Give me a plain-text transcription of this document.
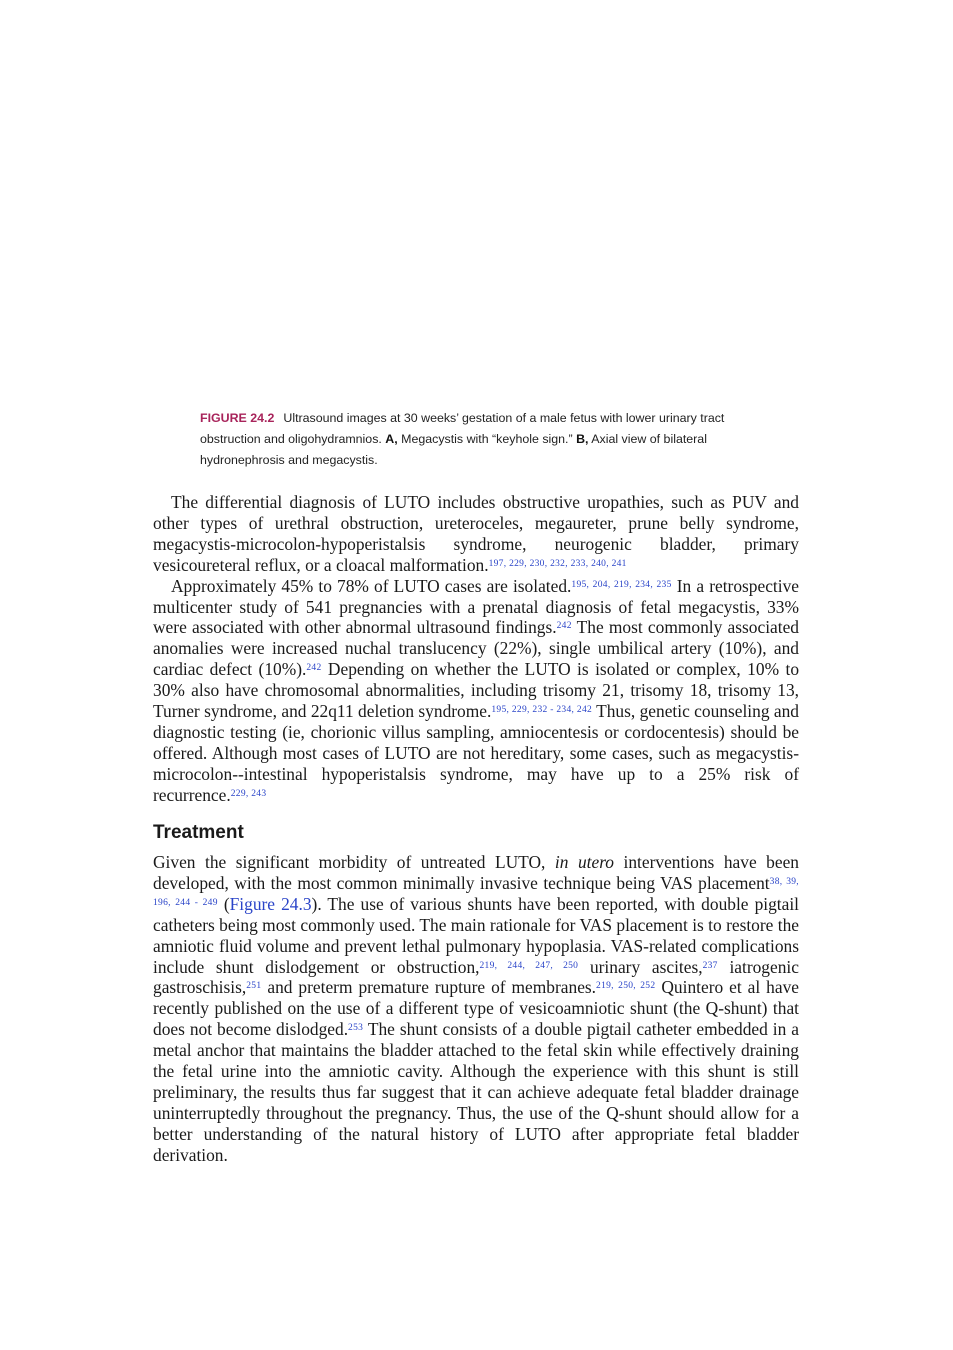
FIGURE 24.2 Ultrasound images at 30 weeks’ gestation of a male fetus with lower urinary tract obstruction and oligohydramnios. A, Megacystis with “keyhole sign.” B, Axial view of bilateral hydronephrosis and megacystis.

The differential diagnosis of LUTO includes obstructive uropathies, such as PUV and other types of urethral obstruction, ureteroceles, megaureter, prune belly syndrome, megacystis-microcolon-hypoperistalsis syndrome, neurogenic bladder, primary vesicoureteral reflux, or a cloacal malformation.$^{197, 229, 230, 232, 233, 240, 241}$

Approximately 45% to 78% of LUTO cases are isolated.$^{195, 204, 219, 234, 235}$ In a retrospective multicenter study of 541 pregnancies with a prenatal diagnosis of fetal megacystis, 33% were associated with other abnormal ultrasound findings.$^{242}$ The most commonly associated anomalies were increased nuchal translucency (22%), single umbilical artery (10%), and cardiac defect (10%).$^{242}$ Depending on whether the LUTO is isolated or complex, 10% to 30% also have chromosomal abnormalities, including trisomy 21, trisomy 18, trisomy 13, Turner syndrome, and 22q11 deletion syndrome.$^{195, 229, 232 - 234, 242}$ Thus, genetic counseling and diagnostic testing (ie, chorionic villus sampling, amniocentesis or cordocentesis) should be offered. Although most cases of LUTO are not hereditary, some cases, such as megacystis-microcolon--intestinal hypoperistalsis syndrome, may have up to a 25% risk of recurrence.$^{229, 243}$

Treatment

Given the significant morbidity of untreated LUTO, in utero interventions have been developed, with the most common minimally invasive technique being VAS placement$^{38, 39, 196, 244 - 249}$ (Figure 24.3). The use of various shunts have been reported, with double pigtail catheters being most commonly used. The main rationale for VAS placement is to restore the amniotic fluid volume and prevent lethal pulmonary hypoplasia. VAS-related complications include shunt dislodgement or obstruction,$^{219, 244, 247, 250}$ urinary ascites,$^{237}$ iatrogenic gastroschisis,$^{251}$ and preterm premature rupture of membranes.$^{219, 250, 252}$ Quintero et al have recently published on the use of a different type of vesicoamniotic shunt (the Q-shunt) that does not become dislodged.$^{253}$ The shunt consists of a double pigtail catheter embedded in a metal anchor that maintains the bladder attached to the fetal skin while effectively draining the fetal urine into the amniotic cavity. Although the experience with this shunt is still preliminary, the results thus far suggest that it can achieve adequate fetal bladder drainage uninterruptedly throughout the pregnancy. Thus, the use of the Q-shunt should allow for a better understanding of the natural history of LUTO after appropriate fetal bladder derivation.
